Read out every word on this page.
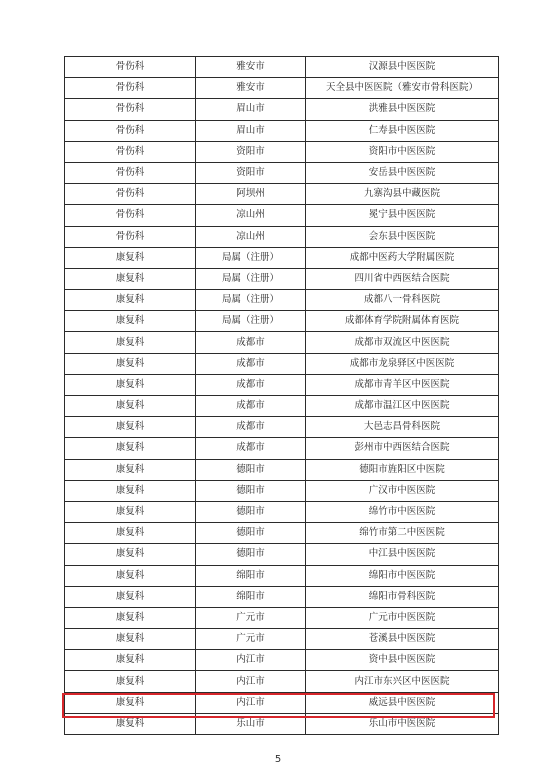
骨伤科	雅安市	汉源县中医医院
骨伤科	雅安市	天全县中医医院（雅安市骨科医院）
骨伤科	眉山市	洪雅县中医医院
骨伤科	眉山市	仁寿县中医医院
骨伤科	资阳市	资阳市中医医院
骨伤科	资阳市	安岳县中医医院
骨伤科	阿坝州	九寨沟县中藏医院
骨伤科	凉山州	冕宁县中医医院
骨伤科	凉山州	会东县中医医院
康复科	局属（注册）	成都中医药大学附属医院
康复科	局属（注册）	四川省中西医结合医院
康复科	局属（注册）	成都八一骨科医院
康复科	局属（注册）	成都体育学院附属体育医院
康复科	成都市	成都市双流区中医医院
康复科	成都市	成都市龙泉驿区中医医院
康复科	成都市	成都市青羊区中医医院
康复科	成都市	成都市温江区中医医院
康复科	成都市	大邑志昌骨科医院
康复科	成都市	彭州市中西医结合医院
康复科	德阳市	德阳市旌阳区中医院
康复科	德阳市	广汉市中医医院
康复科	德阳市	绵竹市中医医院
康复科	德阳市	绵竹市第二中医医院
康复科	德阳市	中江县中医医院
康复科	绵阳市	绵阳市中医医院
康复科	绵阳市	绵阳市骨科医院
康复科	广元市	广元市中医医院
康复科	广元市	苍溪县中医医院
康复科	内江市	资中县中医医院
康复科	内江市	内江市东兴区中医医院
康复科	内江市	威远县中医医院
康复科	乐山市	乐山市中医医院
5
